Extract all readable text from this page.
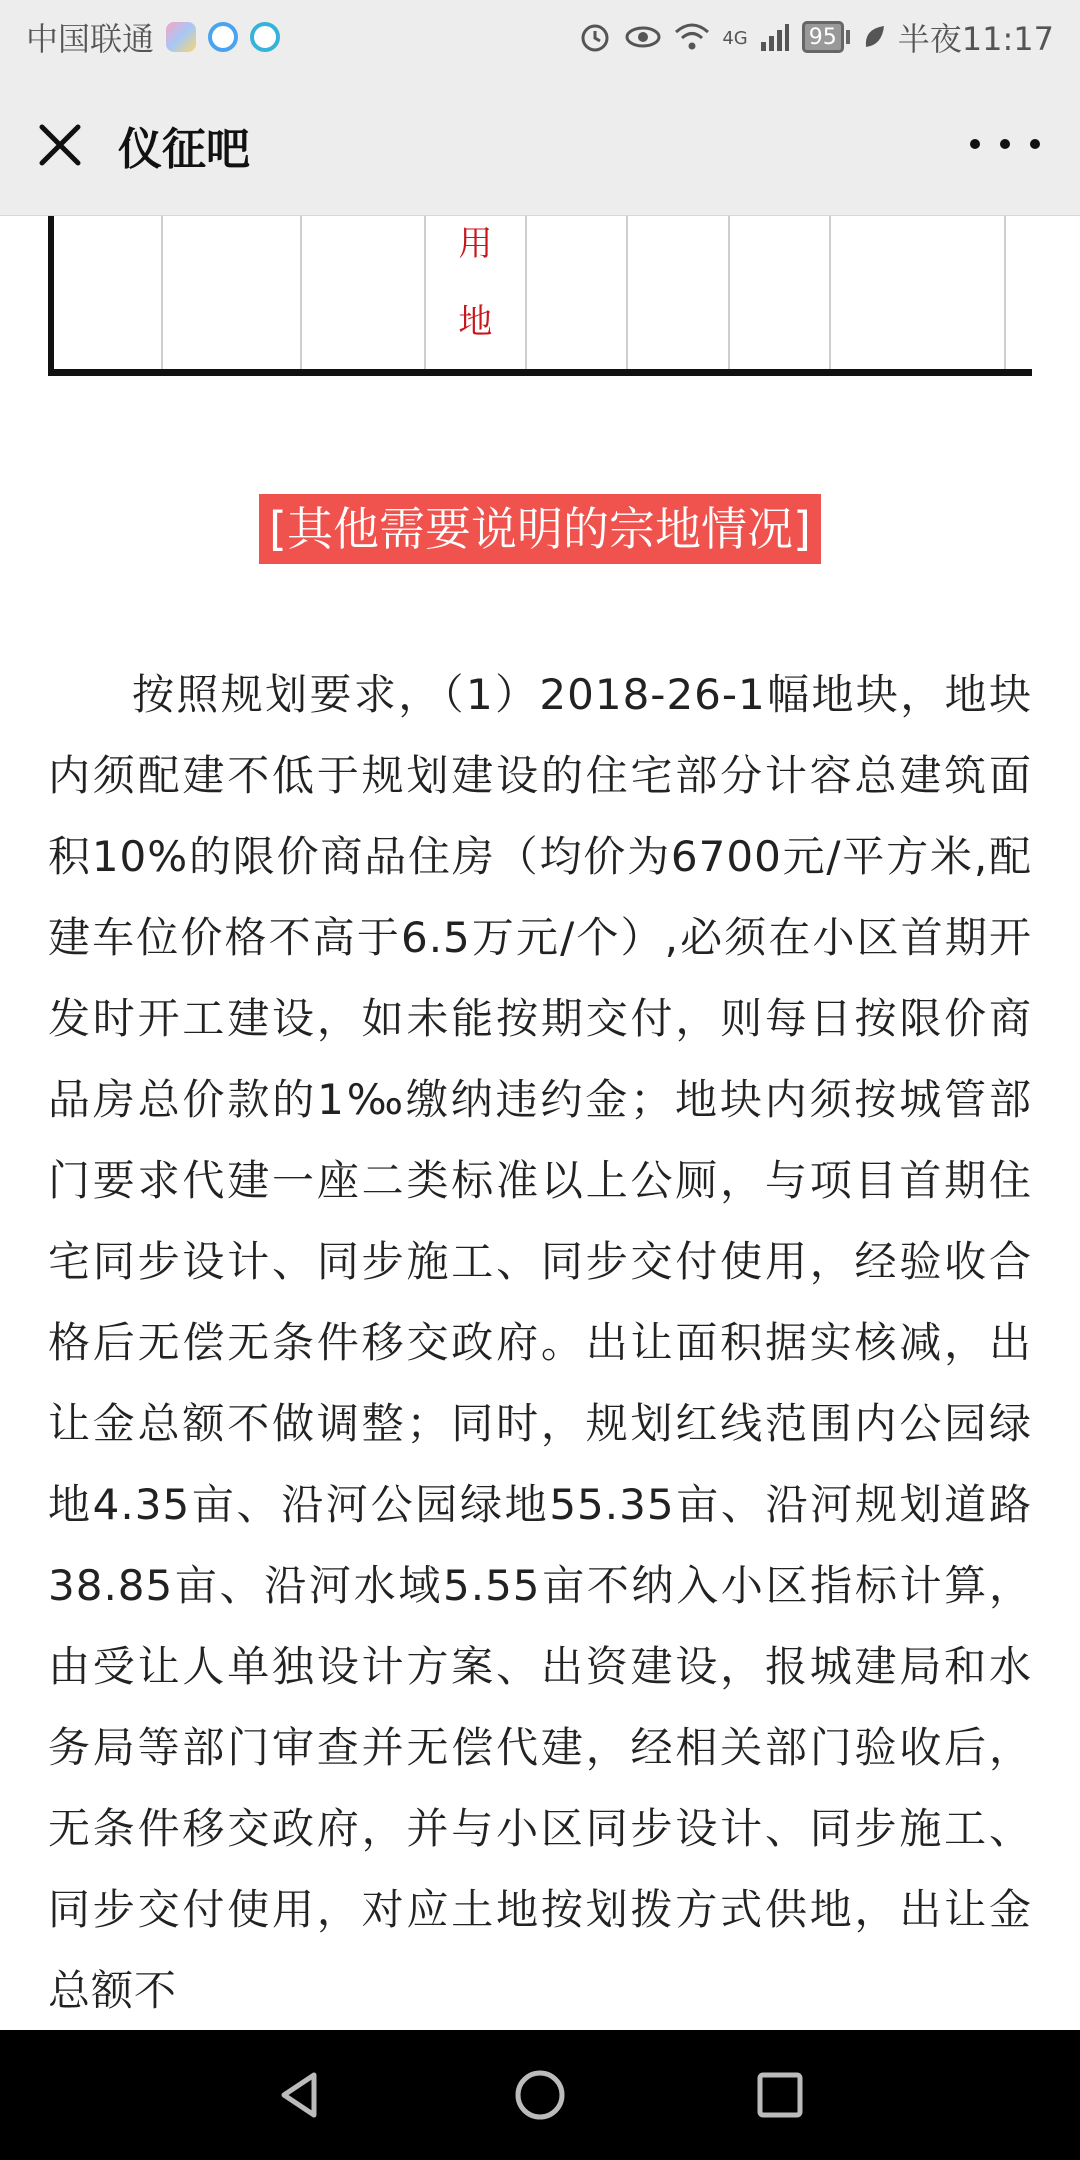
中国联通	4G	95 半夜11:17
仪征吧
用
地
[其他需要说明的宗地情况]

按照规划要求，（1）2018-26-1幅地块，地块内须配建不低于规划建设的住宅部分计容总建筑面积10%的限价商品住房（均价为6700元/平方米,配建车位价格不高于6.5万元/个）,必须在小区首期开发时开工建设，如未能按期交付，则每日按限价商品房总价款的1‰缴纳违约金；地块内须按城管部门要求代建一座二类标准以上公厕，与项目首期住宅同步设计、同步施工、同步交付使用，经验收合格后无偿无条件移交政府。出让面积据实核减，出让金总额不做调整；同时，规划红线范围内公园绿地4.35亩、沿河公园绿地55.35亩、沿河规划道路38.85亩、沿河水域5.55亩不纳入小区指标计算，由受让人单独设计方案、出资建设，报城建局和水务局等部门审查并无偿代建，经相关部门验收后，无条件移交政府，并与小区同步设计、同步施工、同步交付使用，对应土地按划拨方式供地，出让金总额不
